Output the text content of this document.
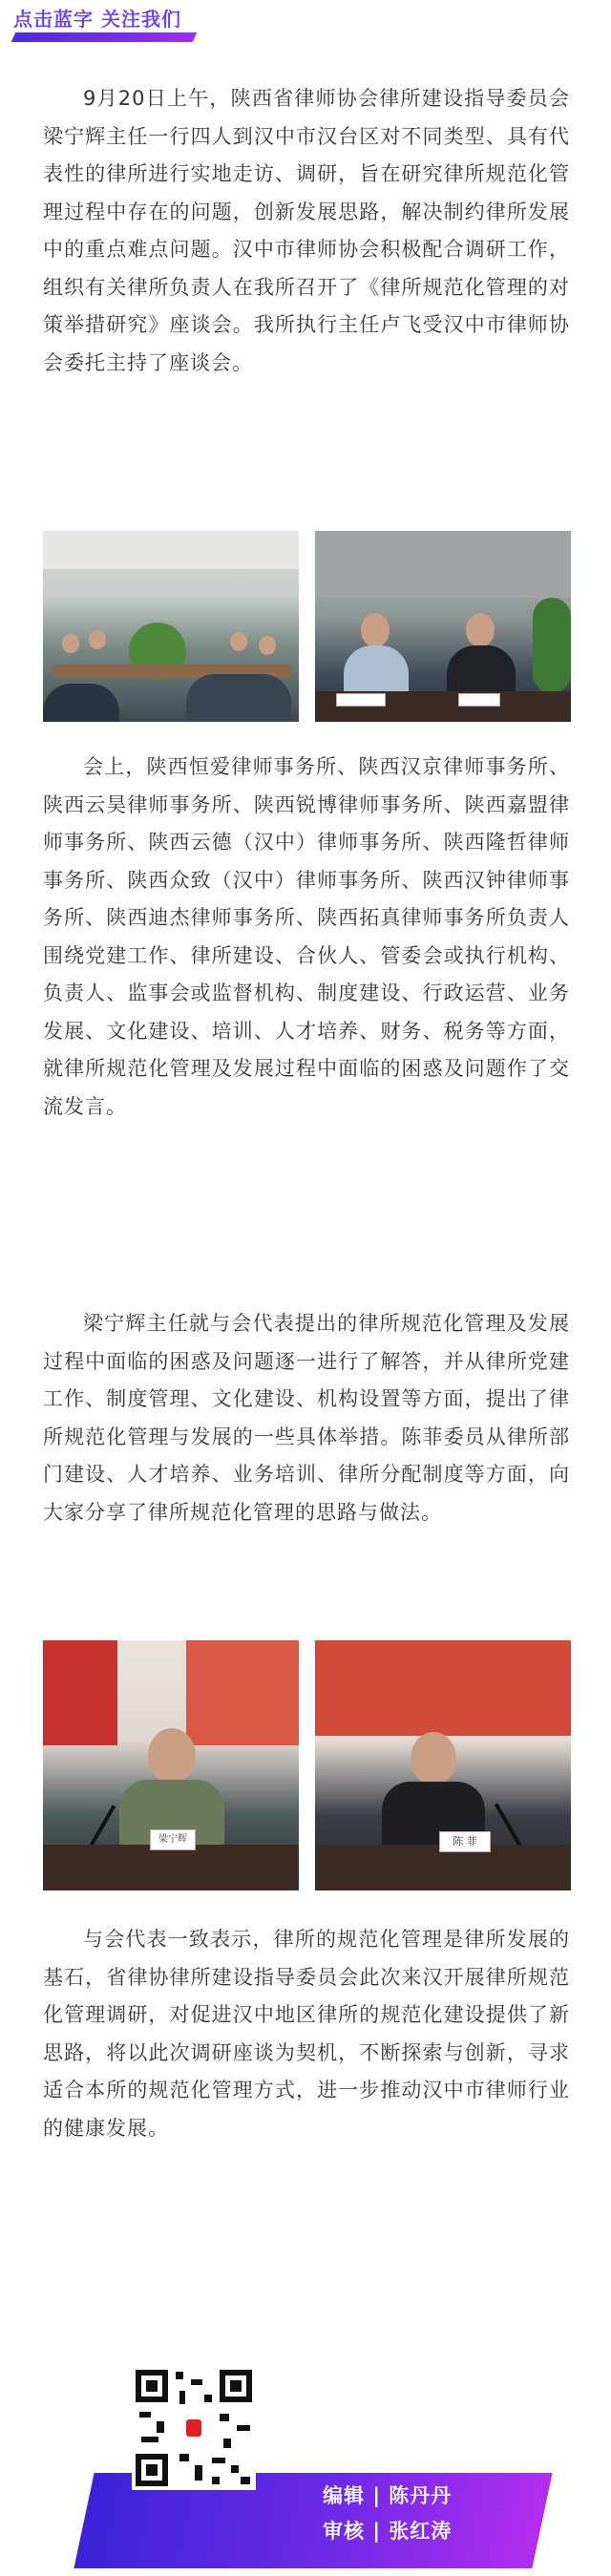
点击蓝字 关注我们

9月20日上午，陕西省律师协会律所建设指导委员会梁宁辉主任一行四人到汉中市汉台区对不同类型、具有代表性的律所进行实地走访、调研，旨在研究律所规范化管理过程中存在的问题，创新发展思路，解决制约律所发展中的重点难点问题。汉中市律师协会积极配合调研工作，组织有关律所负责人在我所召开了《律所规范化管理的对策举措研究》座谈会。我所执行主任卢飞受汉中市律师协会委托主持了座谈会。

会上，陕西恒爱律师事务所、陕西汉京律师事务所、陕西云昊律师事务所、陕西锐博律师事务所、陕西嘉盟律师事务所、陕西云德（汉中）律师事务所、陕西隆哲律师事务所、陕西众致（汉中）律师事务所、陕西汉钟律师事务所、陕西迪杰律师事务所、陕西拓真律师事务所负责人围绕党建工作、律所建设、合伙人、管委会或执行机构、负责人、监事会或监督机构、制度建设、行政运营、业务发展、文化建设、培训、人才培养、财务、税务等方面，就律所规范化管理及发展过程中面临的困惑及问题作了交流发言。

梁宁辉主任就与会代表提出的律所规范化管理及发展过程中面临的困惑及问题逐一进行了解答，并从律所党建工作、制度管理、文化建设、机构设置等方面，提出了律所规范化管理与发展的一些具体举措。陈菲委员从律所部门建设、人才培养、业务培训、律所分配制度等方面，向大家分享了律所规范化管理的思路与做法。

梁宁辉	陈 菲

与会代表一致表示，律所的规范化管理是律所发展的基石，省律协律所建设指导委员会此次来汉开展律所规范化管理调研，对促进汉中地区律所的规范化建设提供了新思路，将以此次调研座谈为契机，不断探索与创新，寻求适合本所的规范化管理方式，进一步推动汉中市律师行业的健康发展。

编辑 | 陈丹丹
审核 | 张红涛
